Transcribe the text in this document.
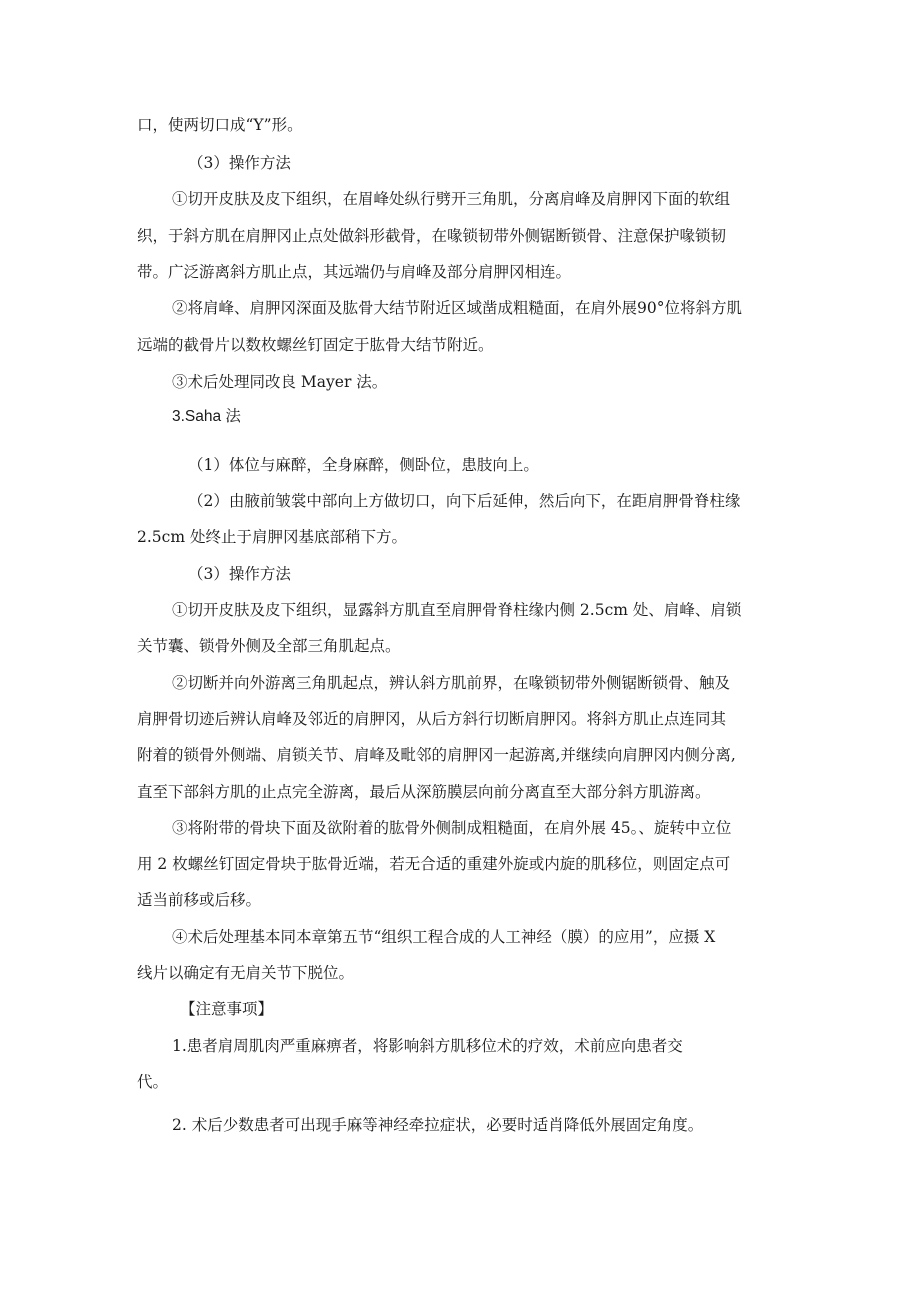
口，使两切口成“Y”形。

（3）操作方法

①切开皮肤及皮下组织，在眉峰处纵行劈开三角肌，分离肩峰及肩胛冈下面的软组

织，于斜方肌在肩胛冈止点处做斜形截骨，在喙锁韧带外侧锯断锁骨、注意保护喙锁韧

带。广泛游离斜方肌止点，其远端仍与肩峰及部分肩胛冈相连。

②将肩峰、肩胛冈深面及肱骨大结节附近区域凿成粗糙面，在肩外展90°位将斜方肌

远端的截骨片以数枚螺丝钉固定于肱骨大结节附近。

③术后处理同改良 Mayer 法。

3.Saha 法

（1）体位与麻醉，全身麻醉，侧卧位，患肢向上。

（2）由腋前皱裳中部向上方做切口，向下后延伸，然后向下，在距肩胛骨脊柱缘

2.5cm 处终止于肩胛冈基底部稍下方。

（3）操作方法

①切开皮肤及皮下组织，显露斜方肌直至肩胛骨脊柱缘内侧 2.5cm 处、肩峰、肩锁

关节囊、锁骨外侧及全部三角肌起点。

②切断并向外游离三角肌起点，辨认斜方肌前界，在喙锁韧带外侧锯断锁骨、触及

肩胛骨切迹后辨认肩峰及邻近的肩胛冈，从后方斜行切断肩胛冈。将斜方肌止点连同其

附着的锁骨外侧端、肩锁关节、肩峰及毗邻的肩胛冈一起游离,并继续向肩胛冈内侧分离,

直至下部斜方肌的止点完全游离，最后从深筋膜层向前分离直至大部分斜方肌游离。

③将附带的骨块下面及欲附着的肱骨外侧制成粗糙面，在肩外展 45。、旋转中立位

用 2 枚螺丝钉固定骨块于肱骨近端，若无合适的重建外旋或内旋的肌移位，则固定点可

适当前移或后移。

④术后处理基本同本章第五节“组织工程合成的人工神经（膜）的应用”，应摄 X

线片以确定有无肩关节下脱位。

【注意事项】

1.患者肩周肌肉严重麻痹者，将影响斜方肌移位术的疗效，术前应向患者交

代。

2. 术后少数患者可出现手麻等神经牵拉症状，必要时适肖降低外展固定角度。
